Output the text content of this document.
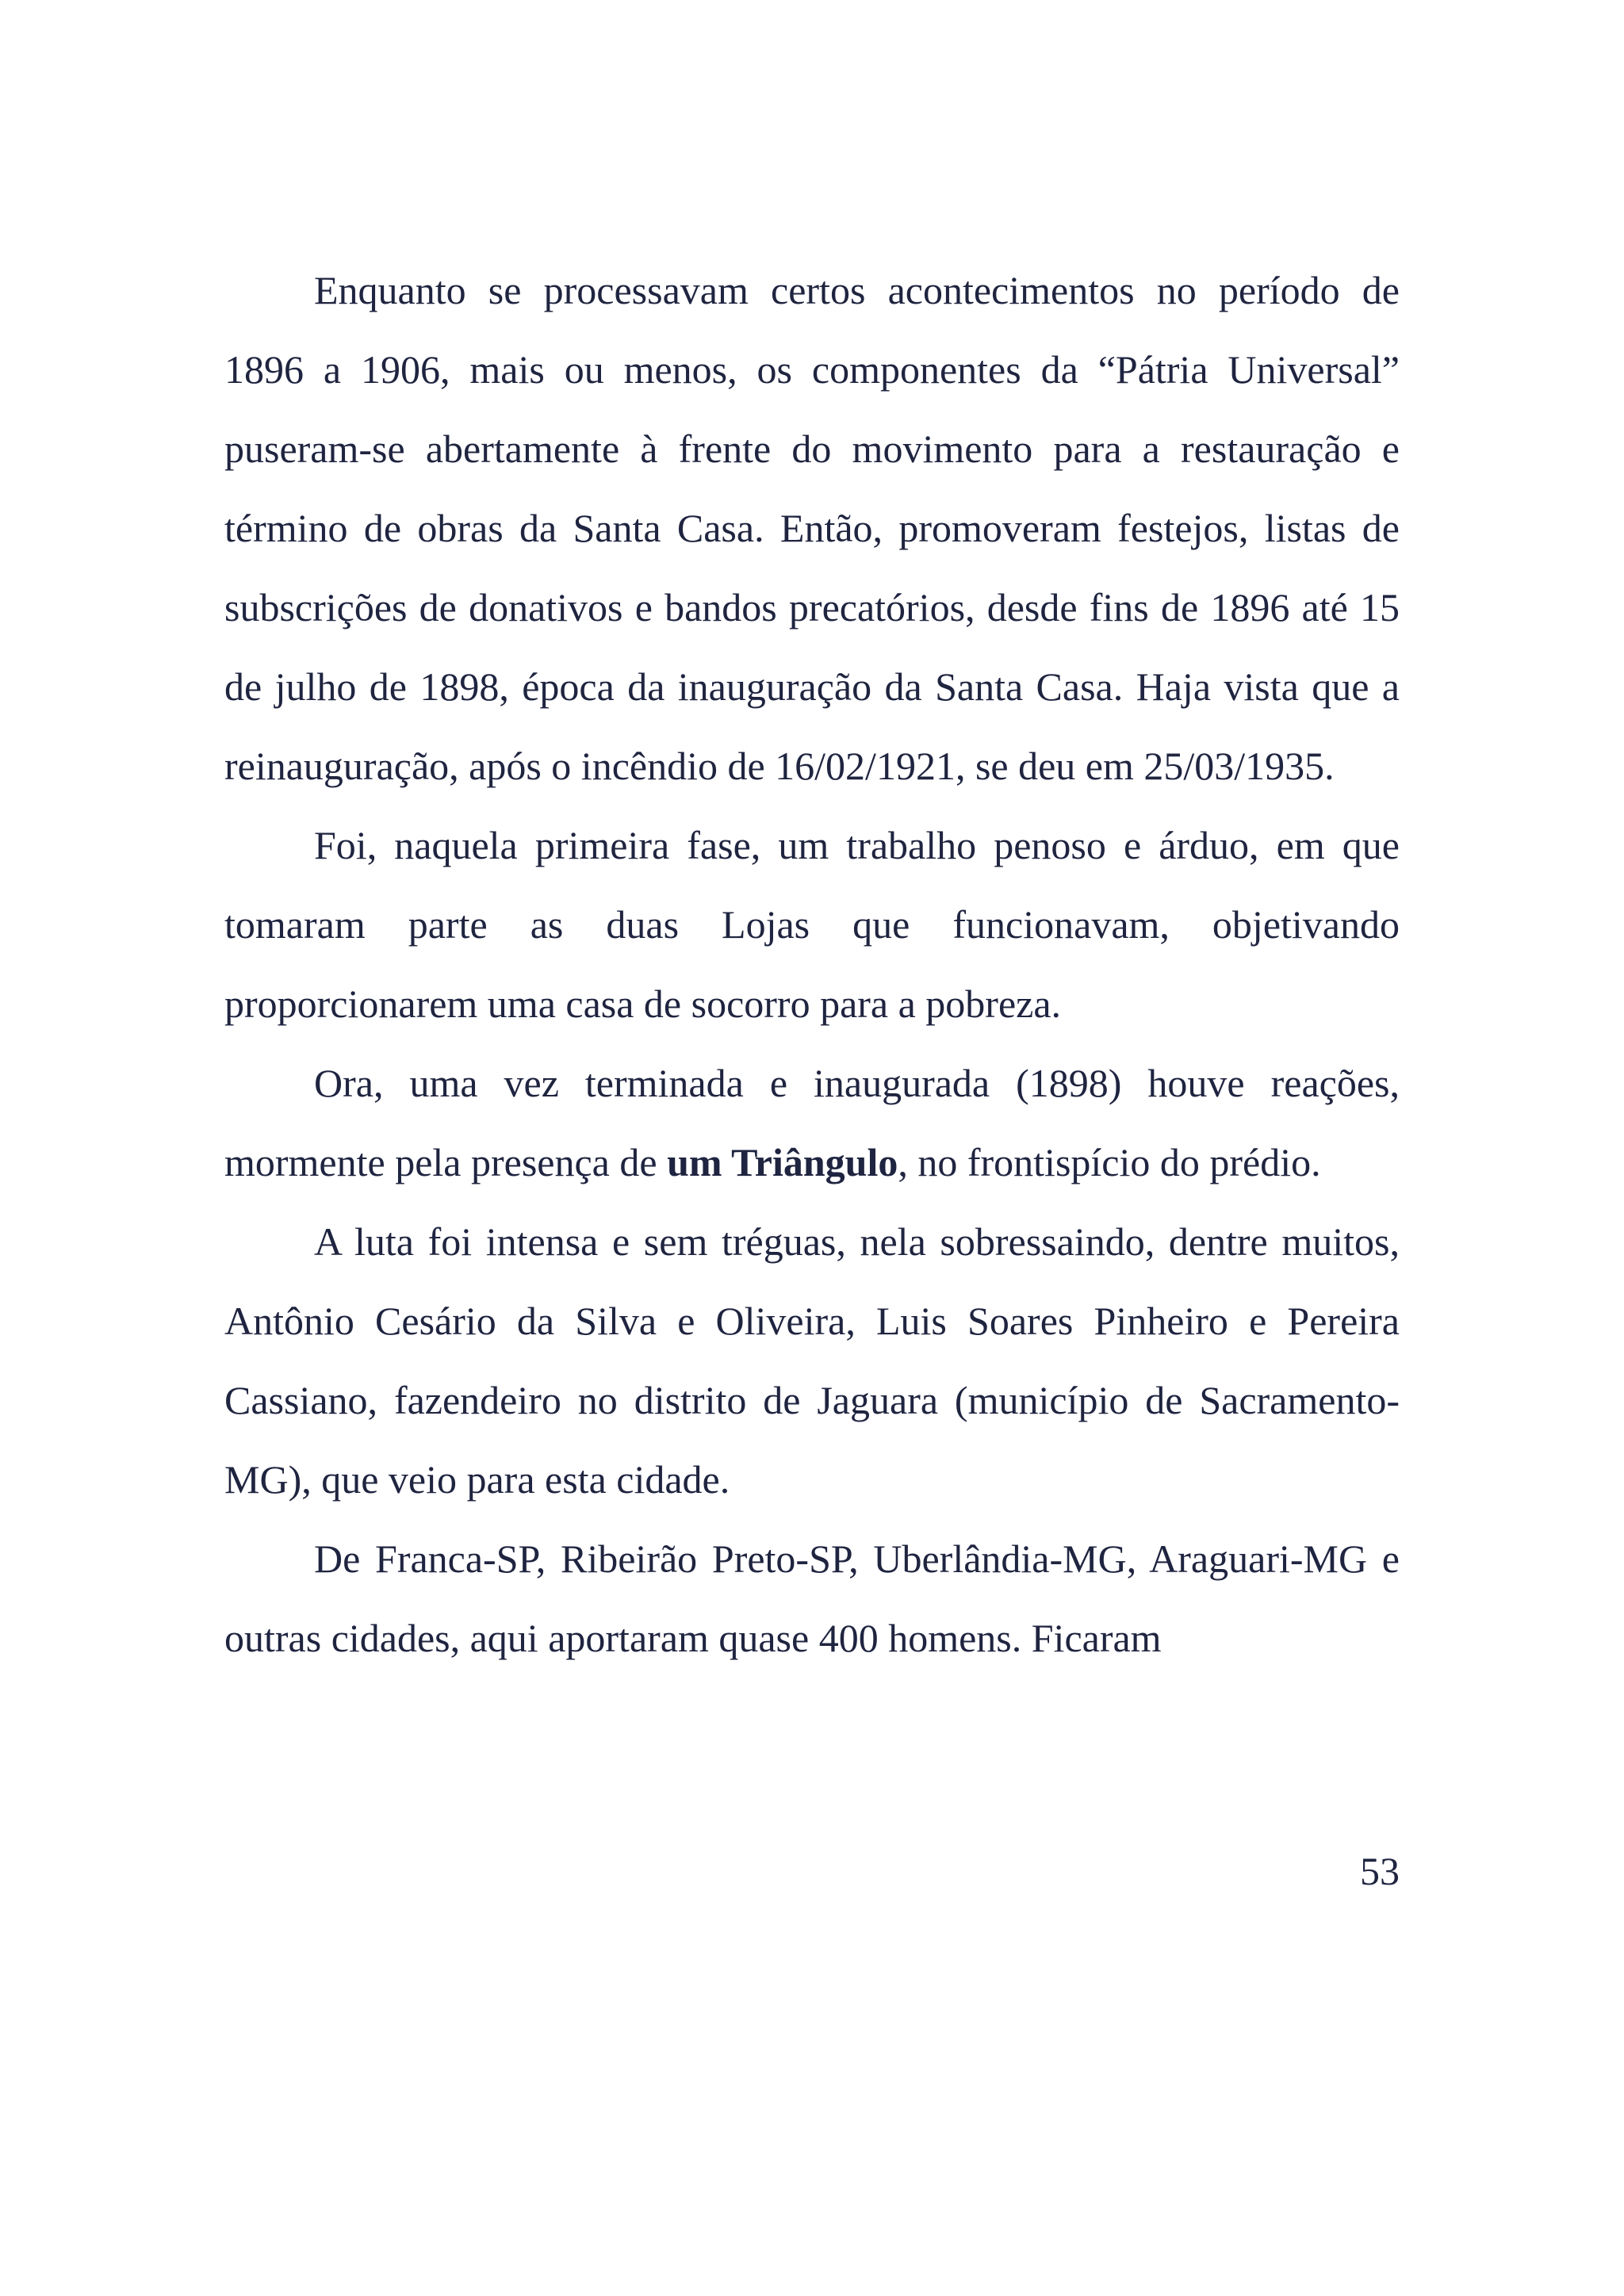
Enquanto se processavam certos acontecimentos no período de 1896 a 1906, mais ou menos, os componentes da “Pátria Universal” puseram-se abertamente à frente do movimento para a restauração e término de obras da Santa Casa. Então, promoveram festejos, listas de subscrições de donativos e bandos precatórios, desde fins de 1896 até 15 de julho de 1898, época da inauguração da Santa Casa. Haja vista que a reinauguração, após o incêndio de 16/02/1921, se deu em 25/03/1935.

Foi, naquela primeira fase, um trabalho penoso e árduo, em que tomaram parte as duas Lojas que funcionavam, objetivando proporcionarem uma casa de socorro para a pobreza.

Ora, uma vez terminada e inaugurada (1898) houve reações, mormente pela presença de um Triângulo, no frontispício do prédio.

A luta foi intensa e sem tréguas, nela sobressaindo, dentre muitos, Antônio Cesário da Silva e Oliveira, Luis Soares Pinheiro e Pereira Cassiano, fazendeiro no distrito de Jaguara (município de Sacramento-MG), que veio para esta cidade.

De Franca-SP, Ribeirão Preto-SP, Uberlândia-MG, Araguari-MG e outras cidades, aqui aportaram quase 400 homens. Ficaram

53
